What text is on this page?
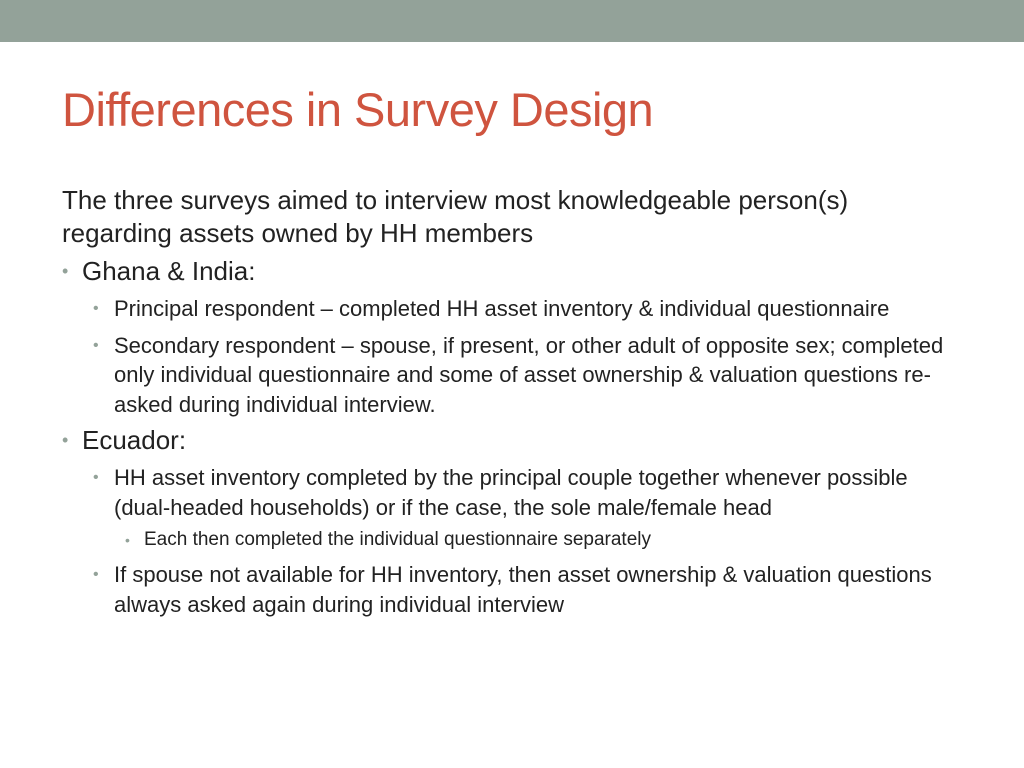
Differences in Survey Design

The three surveys aimed to interview most knowledgeable person(s) regarding assets owned by HH members

• Ghana & India:
• Principal respondent – completed HH asset inventory & individual questionnaire
• Secondary respondent – spouse, if present, or other adult of opposite sex; completed only individual questionnaire and some of asset ownership & valuation questions re-asked during individual interview.
• Ecuador:
• HH asset inventory completed by the principal couple together whenever possible (dual-headed households) or if the case, the sole male/female head
• Each then completed the individual questionnaire separately
• If spouse not available for HH inventory, then asset ownership & valuation questions always asked again during individual interview
